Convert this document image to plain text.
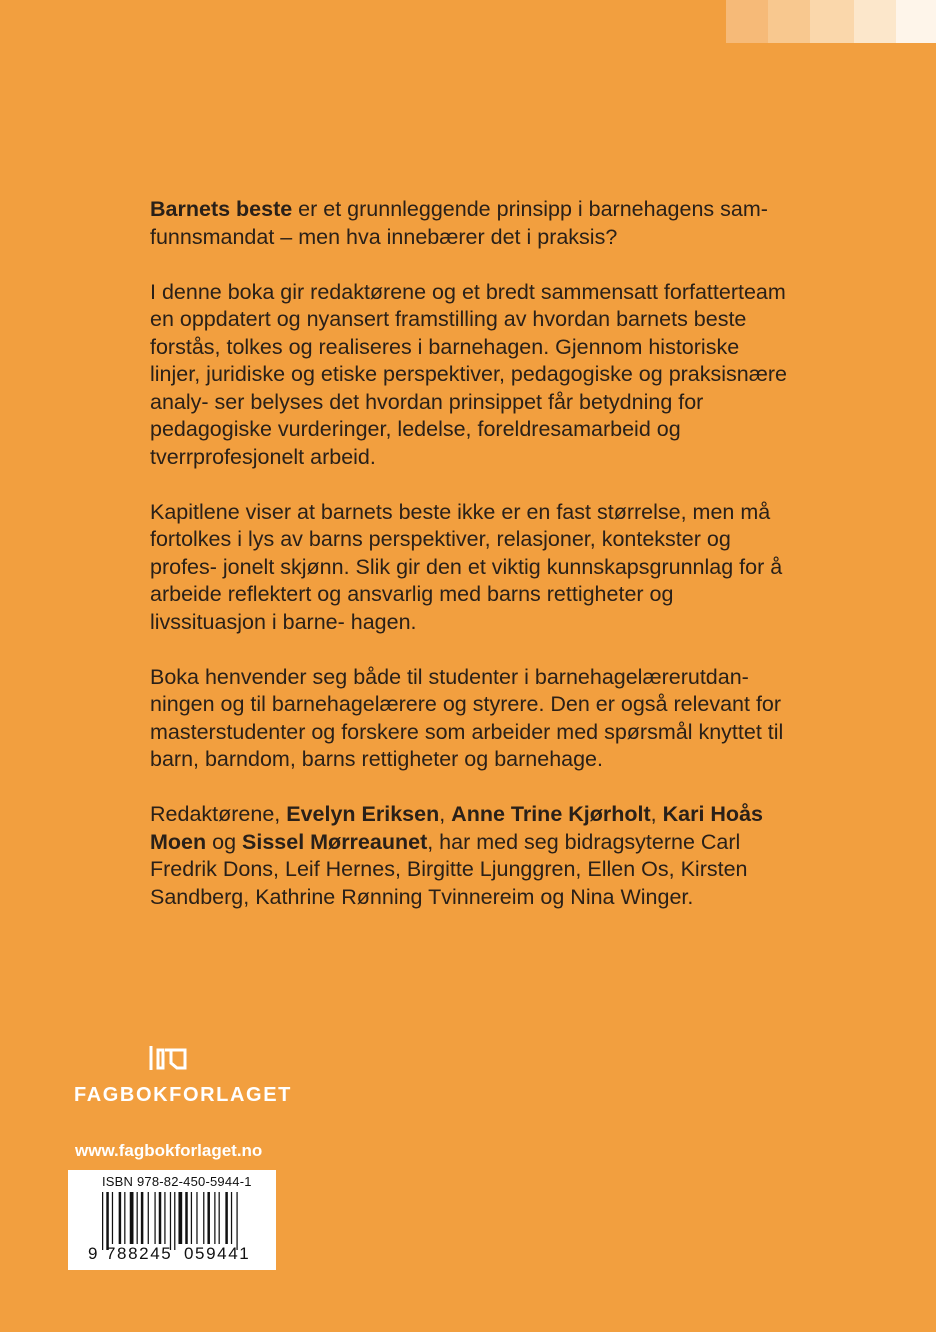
Barnets beste er et grunnleggende prinsipp i barnehagens sam- funnsmandat – men hva innebærer det i praksis?

I denne boka gir redaktørene og et bredt sammensatt forfatterteam en oppdatert og nyansert framstilling av hvordan barnets beste forstås, tolkes og realiseres i barnehagen. Gjennom historiske linjer, juridiske og etiske perspektiver, pedagogiske og praksisnære analy- ser belyses det hvordan prinsippet får betydning for pedagogiske vurderinger, ledelse, foreldresamarbeid og tverrprofesjonelt arbeid.

Kapitlene viser at barnets beste ikke er en fast størrelse, men må fortolkes i lys av barns perspektiver, relasjoner, kontekster og profes- jonelt skjønn. Slik gir den et viktig kunnskapsgrunnlag for å arbeide reflektert og ansvarlig med barns rettigheter og livssituasjon i barne- hagen.

Boka henvender seg både til studenter i barnehagelærerutdan- ningen og til barnehagelærere og styrere. Den er også relevant for masterstudenter og forskere som arbeider med spørsmål knyttet til barn, barndom, barns rettigheter og barnehage.

Redaktørene, Evelyn Eriksen, Anne Trine Kjørholt, Kari Hoås Moen og Sissel Mørreaunet, har med seg bidragsyterne Carl Fredrik Dons, Leif Hernes, Birgitte Ljunggren, Ellen Os, Kirsten Sandberg, Kathrine Rønning Tvinnereim og Nina Winger.

FAGBOKFORLAGET
www.fagbokforlaget.no
ISBN 978-82-450-5944-1
9 788245 059441
